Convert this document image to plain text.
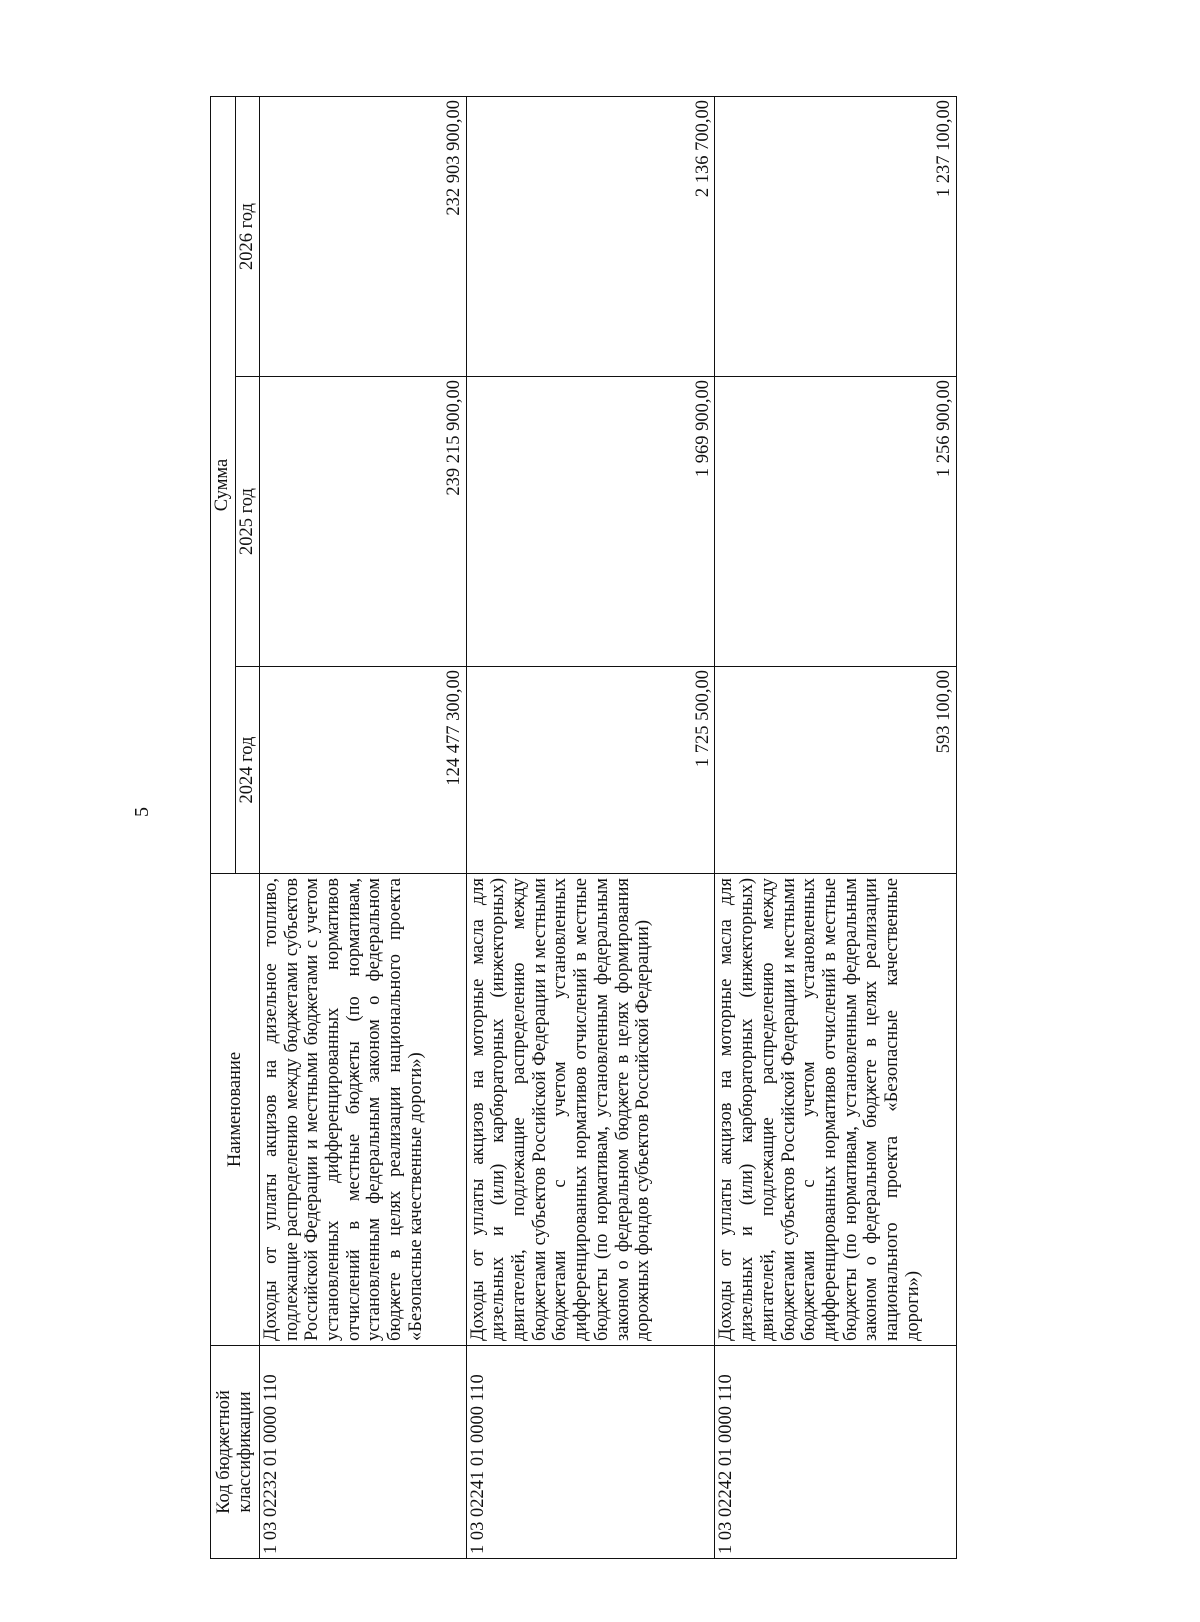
5
Код бюджетной классификации	Наименование	Сумма		
		2024 год	2025 год	2026 год
1 03 02232 01 0000 110	Доходы от уплаты акцизов на дизельное топливо, подлежащие распределению между бюджетами субъектов Российской Федерации и местными бюджетами с учетом установленных дифференцированных нормативов отчислений в местные бюджеты (по нормативам, установленным федеральным законом о федеральном бюджете в целях реализации национального проекта «Безопасные качественные дороги»)	124 477 300,00	239 215 900,00	232 903 900,00
1 03 02241 01 0000 110	Доходы от уплаты акцизов на моторные масла для дизельных и (или) карбюраторных (инжекторных) двигателей, подлежащие распределению между бюджетами субъектов Российской Федерации и местными бюджетами с учетом установленных дифференцированных нормативов отчислений в местные бюджеты (по нормативам, установленным федеральным законом о федеральном бюджете в целях формирования дорожных фондов субъектов Российской Федерации)	1 725 500,00	1 969 900,00	2 136 700,00
1 03 02242 01 0000 110	Доходы от уплаты акцизов на моторные масла для дизельных и (или) карбюраторных (инжекторных) двигателей, подлежащие распределению между бюджетами субъектов Российской Федерации и местными бюджетами с учетом установленных дифференцированных нормативов отчислений в местные бюджеты (по нормативам, установленным федеральным законом о федеральном бюджете в целях реализации национального проекта «Безопасные качественные дороги»)	593 100,00	1 256 900,00	1 237 100,00
